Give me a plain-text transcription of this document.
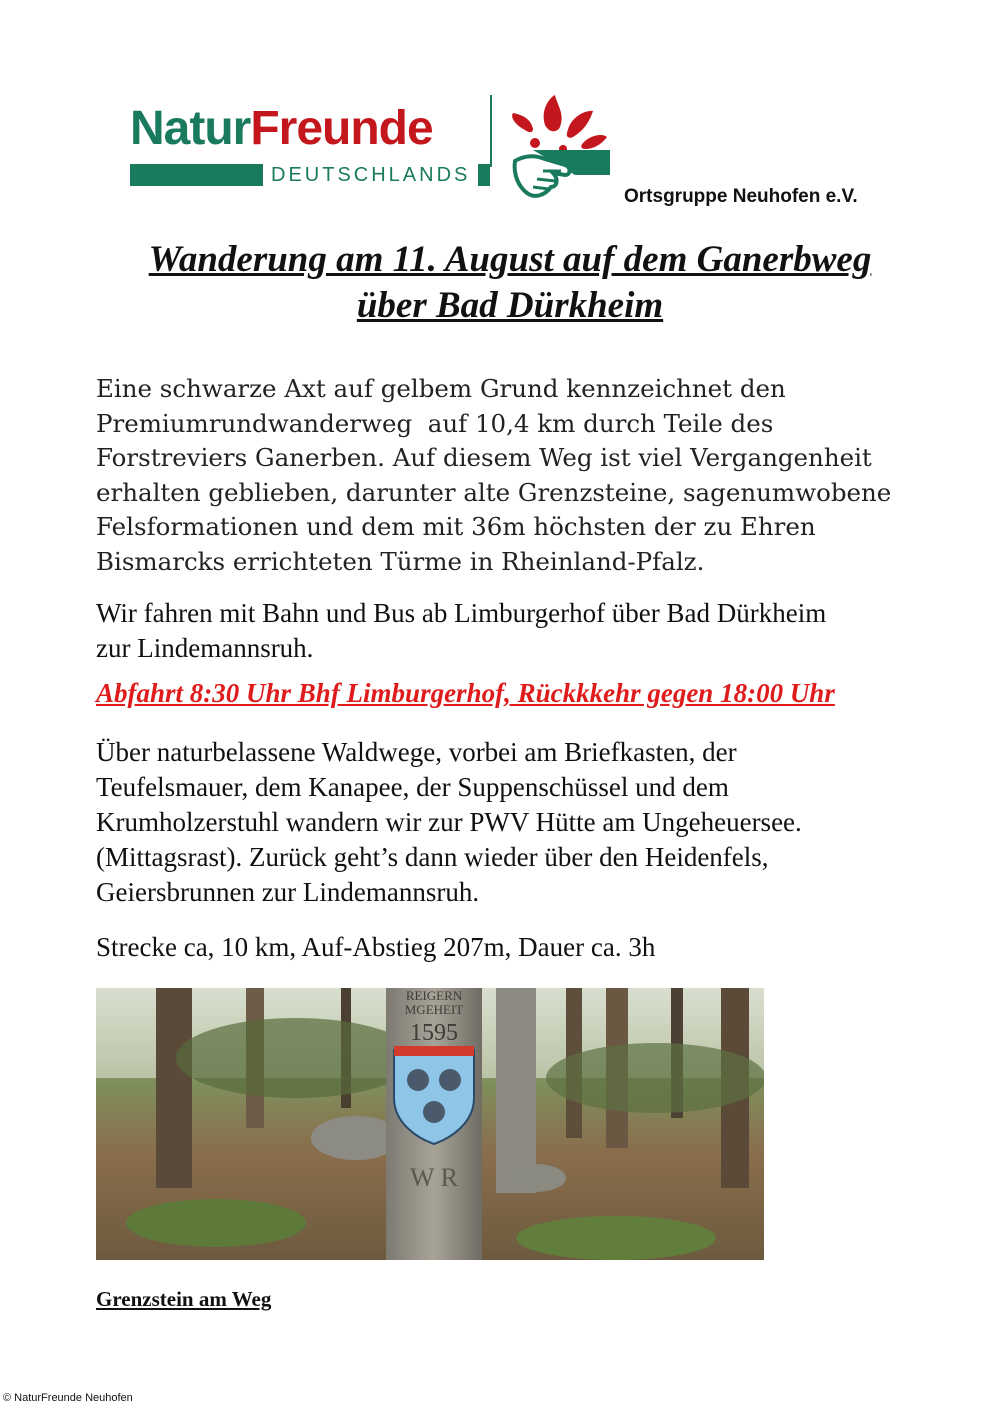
NaturFreunde
DEUTSCHLANDS
Ortsgruppe Neuhofen e.V.
Wanderung am 11. August auf dem Ganerbweg
über Bad Dürkheim
Eine schwarze Axt auf gelbem Grund kennzeichnet den
Premiumrundwanderweg  auf 10,4 km durch Teile des
Forstreviers Ganerben. Auf diesem Weg ist viel Vergangenheit
erhalten geblieben, darunter alte Grenzsteine, sagenumwobene
Felsformationen und dem mit 36m höchsten der zu Ehren
Bismarcks errichteten Türme in Rheinland-Pfalz.
Wir fahren mit Bahn und Bus ab Limburgerhof über Bad Dürkheim
zur Lindemannsruh.
Abfahrt 8:30 Uhr Bhf Limburgerhof, Rückkkehr gegen 18:00 Uhr
Über naturbelassene Waldwege, vorbei am Briefkasten, der
Teufelsmauer, dem Kanapee, der Suppenschüssel und dem
Krumholzerstuhl wandern wir zur PWV Hütte am Ungeheuersee.
(Mittagsrast). Zurück geht’s dann wieder über den Heidenfels,
Geiersbrunnen zur Lindemannsruh.
Strecke ca, 10 km, Auf-Abstieg 207m, Dauer ca. 3h
REIGERN
MGEHEIT
1595
W R
Grenzstein am Weg
© NaturFreunde Neuhofen
